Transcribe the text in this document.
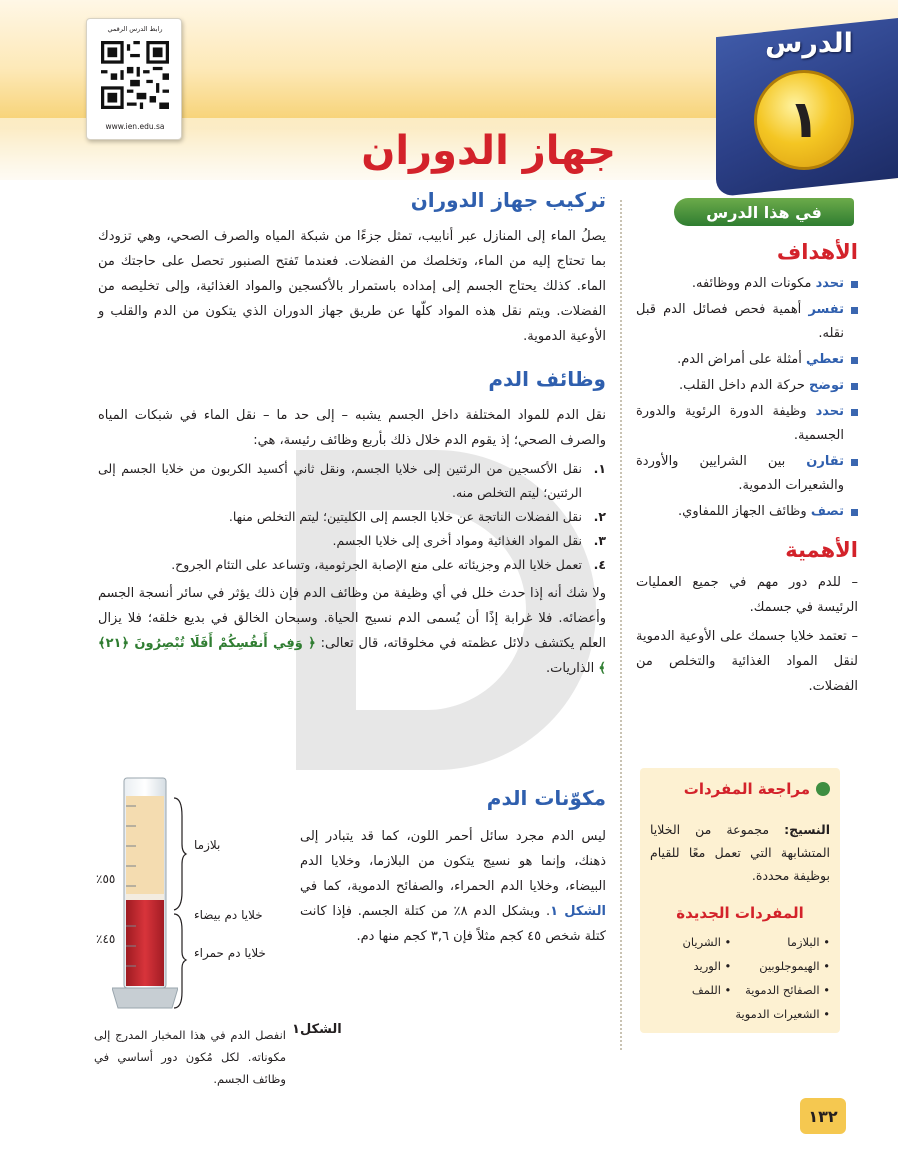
الدرس
١
رابط الدرس الرقمي
www.ien.edu.sa
جهاز الدوران
في هذا الدرس
الأهداف
تحدد مكونات الدم ووظائفه.
تفسر أهمية فحص فصائل الدم قبل نقله.
تعطي أمثلة على أمراض الدم.
توضح حركة الدم داخل القلب.
تحدد وظيفة الدورة الرئوية والدورة الجسمية.
تقارن بين الشرايين والأوردة والشعيرات الدموية.
تصف وظائف الجهاز اللمفاوي.
الأهمية

– للدم دور مهم في جميع العمليات الرئيسة في جسمك.

– تعتمد خلايا جسمك على الأوعية الدموية لنقل المواد الغذائية والتخلص من الفضلات.

مراجعة المفردات

النسيج: مجموعة من الخلايا المتشابهة التي تعمل معًا للقيام بوظيفة محددة.

المفردات الجديدة
• البلازما
• الشريان
• الهيموجلوبين
• الوريد
• الصفائح الدموية
• اللمف
• الشعيرات الدموية
تركيب جهاز الدوران

يصلُ الماء إلى المنازل عبر أنابيب، تمثل جزءًا من شبكة المياه والصرف الصحي، وهي تزودك بما تحتاج إليه من الماء، وتخلصك من الفضلات. فعندما تَفتح الصنبور تحصل على حاجتك من الماء. كذلك يحتاج الجسم إلى إمداده باستمرار بالأكسجين والمواد الغذائية، وإلى تخليصه من الفضلات. ويتم نقل هذه المواد كلّها عن طريق جهاز الدوران الذي يتكون من الدم والقلب و الأوعية الدموية.

وظائف الدم

نقل الدم للمواد المختلفة داخل الجسم يشبه – إلى حد ما – نقل الماء في شبكات المياه والصرف الصحي؛ إذ يقوم الدم خلال ذلك بأربع وظائف رئيسة، هي:

١.
نقل الأكسجين من الرئتين إلى خلايا الجسم، ونقل ثاني أكسيد الكربون من خلايا الجسم إلى الرئتين؛ ليتم التخلص منه.
٢.
نقل الفضلات الناتجة عن خلايا الجسم إلى الكليتين؛ ليتم التخلص منها.
٣.
نقل المواد الغذائية ومواد أخرى إلى خلايا الجسم.
٤.
تعمل خلايا الدم وجزيئاته على منع الإصابة الجرثومية، وتساعد على التئام الجروح.

ولا شك أنه إذا حدث خلل في أي وظيفة من وظائف الدم فإن ذلك يؤثر في سائر أنسجة الجسم وأعضائه. فلا غرابة إذًا أن يُسمى الدم نسيج الحياة. وسبحان الخالق في بديع خلقه؛ فلا يزال العلم يكتشف دلائل عظمته في مخلوقاته، قال تعالى: ﴿ وَفِي أَنفُسِكُمْ أَفَلَا تُبْصِرُونَ ﴿٢١﴾ ﴾ الذاريات.

مكوّنات الدم

ليس الدم مجرد سائل أحمر اللون، كما قد يتبادر إلى ذهنك، وإنما هو نسيج يتكون من البلازما، وخلايا الدم البيضاء، وخلايا الدم الحمراء، والصفائح الدموية، كما في الشكل ١. ويشكل الدم ٨٪ من كتلة الجسم. فإذا كانت كتلة شخص ٤٥ كجم مثلاً فإن ٣,٦ كجم منها دم.

٥٥٪
٤٥٪
بلازما
خلايا دم بيضاء
خلايا دم حمراء
الشكل١

انفصل الدم في هذا المخبار المدرج إلى مكوناته. لكل مُكون دور أساسي في وظائف الجسم.

١٣٢
